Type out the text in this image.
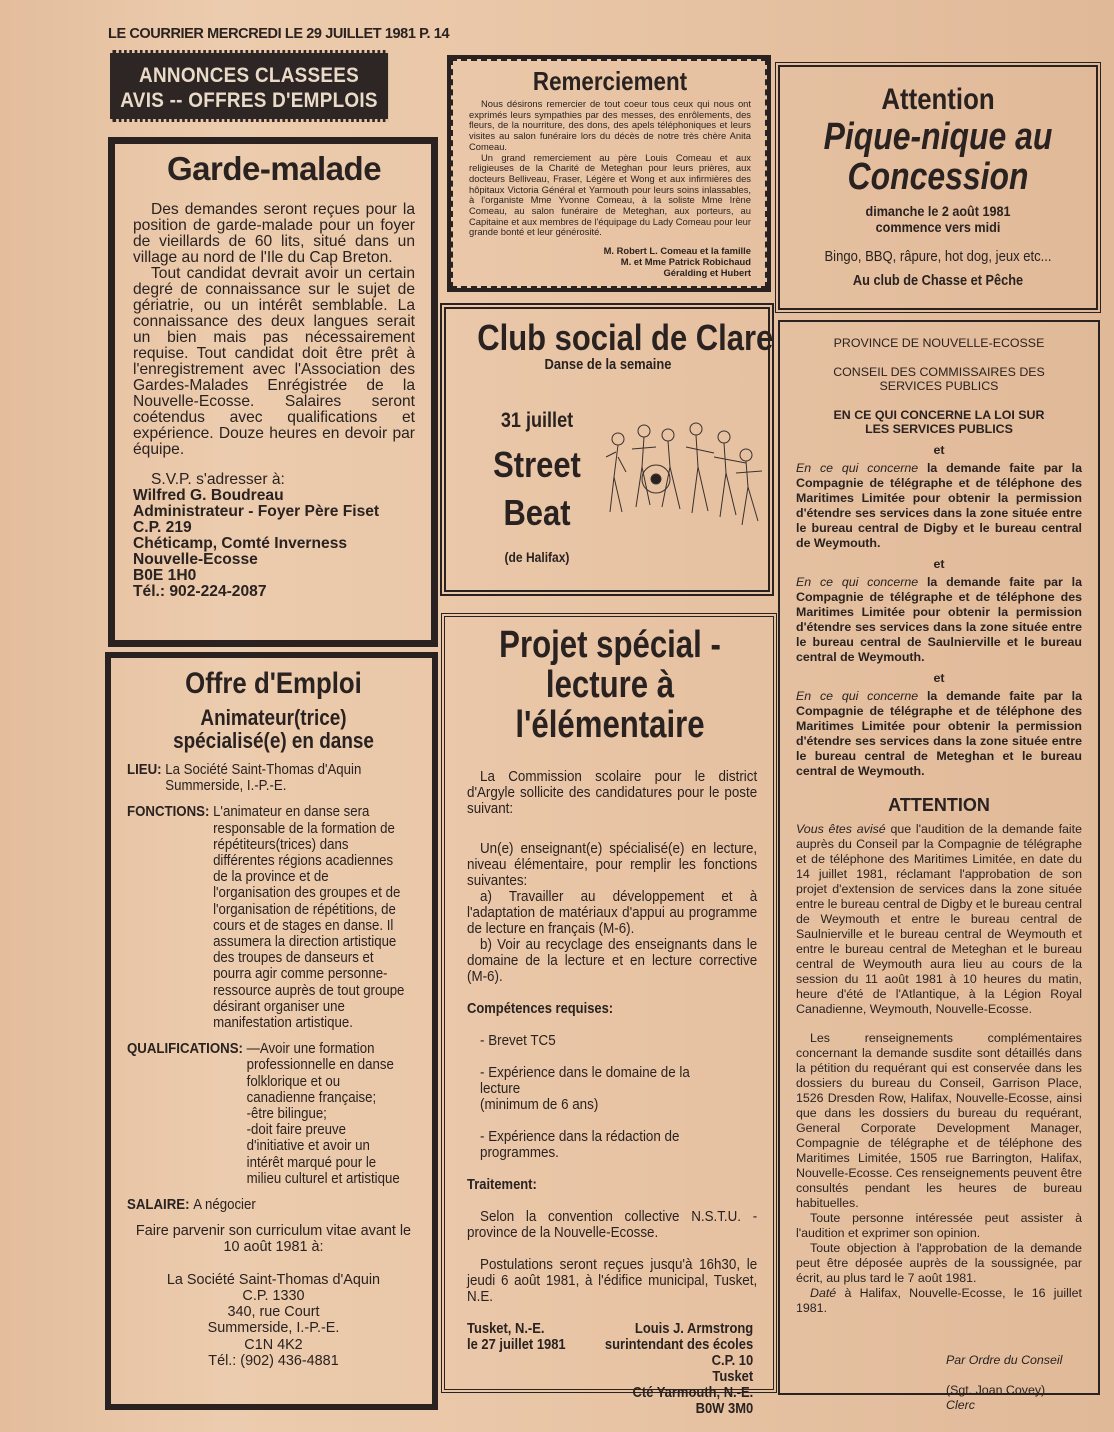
LE COURRIER MERCREDI LE 29 JUILLET 1981 P. 14
ANNONCES CLASSEES
AVIS -- OFFRES D'EMPLOIS
Garde-malade

Des demandes seront reçues pour la position de garde-malade pour un foyer de vieillards de 60 lits, situé dans un village au nord de l'Ile du Cap Breton.

Tout candidat devrait avoir un certain degré de connaissance sur le sujet de gériatrie, ou un intérêt semblable. La connaissance des deux langues serait un bien mais pas nécessairement requise. Tout candidat doit être prêt à l'enregistrement avec l'Association des Gardes-Malades Enrégistrée de la Nouvelle-Ecosse. Salaires seront coétendus avec qualifications et expérience. Douze heures en devoir par équipe.

S.V.P. s'adresser à:
Wilfred G. Boudreau
Administrateur - Foyer Père Fiset
C.P. 219
Chéticamp, Comté Inverness
Nouvelle-Ecosse
B0E 1H0
Tél.: 902-224-2087
Offre d'Emploi
Animateur(trice) spécialisé(e) en danse
LIEU: La Société Saint-Thomas d'Aquin
Summerside, I.-P.-E.
FONCTIONS: L'animateur en danse sera
responsable de la formation de
répétiteurs(trices) dans
différentes régions acadiennes
de la province et de
l'organisation des groupes et de
l'organisation de répétitions, de
cours et de stages en danse. Il
assumera la direction artistique
des troupes de danseurs et
pourra agir comme personne-
ressource auprès de tout groupe
désirant organiser une
manifestation artistique.
QUALIFICATIONS: —Avoir une formation
professionnelle en danse
folklorique et ou
canadienne française;
-être bilingue;
-doit faire preuve
d'initiative et avoir un
intérêt marqué pour le
milieu culturel et artistique
SALAIRE: A négocier
Faire parvenir son curriculum vitae avant le
10 août 1981 à:
La Société Saint-Thomas d'Aquin
C.P. 1330
340, rue Court
Summerside, I.-P.-E.
C1N 4K2
Tél.: (902) 436-4881
Remerciement

Nous désirons remercier de tout coeur tous ceux qui nous ont exprimés leurs sympathies par des messes, des enrôlements, des fleurs, de la nourriture, des dons, des apels téléphoniques et leurs visites au salon funéraire lors du décès de notre très chère Anita Comeau.

Un grand remerciement au père Louis Comeau et aux religieuses de la Charité de Meteghan pour leurs prières, aux docteurs Belliveau, Fraser, Légère et Wong et aux infirmières des hôpitaux Victoria Général et Yarmouth pour leurs soins inlassables, à l'organiste Mme Yvonne Comeau, à la soliste Mme Irène Comeau, au salon funéraire de Meteghan, aux porteurs, au Capitaine et aux membres de l'équipage du Lady Comeau pour leur grande bonté et leur générosité.

M. Robert L. Comeau et la famille
M. et Mme Patrick Robichaud
Géralding et Hubert
Club social de Clare
Danse de la semaine
31 juillet
Street
Beat
(de Halifax)
Projet spécial -
lecture à
l'élémentaire
La Commission scolaire pour le district d'Argyle sollicite des candidatures pour le poste suivant:
Un(e) enseignant(e) spécialisé(e) en lecture, niveau élémentaire, pour remplir les fonctions suivantes:
a) Travailler au développement et à l'adaptation de matériaux d'appui au programme de lecture en français (M-6).
b) Voir au recyclage des enseignants dans le domaine de la lecture et en lecture corrective (M-6).
Compétences requises:
- Brevet TC5
- Expérience dans le domaine de la lecture
(minimum de 6 ans)
- Expérience dans la rédaction de programmes.
Traitement:
Selon la convention collective N.S.T.U. - province de la Nouvelle-Ecosse.
Postulations seront reçues jusqu'à 16h30, le jeudi 6 août 1981, à l'édifice municipal, Tusket, N.E.
Tusket, N.-E.
le 27 juillet 1981
Louis J. Armstrong
surintendant des écoles
C.P. 10
Tusket
Cté Yarmouth, N.-E.
B0W 3M0
Attention
Pique-nique au
Concession
dimanche le 2 août 1981
commence vers midi
Bingo, BBQ, râpure, hot dog, jeux etc...
Au club de Chasse et Pêche
PROVINCE DE NOUVELLE-ECOSSE
CONSEIL DES COMMISSAIRES DES
SERVICES PUBLICS
EN CE QUI CONCERNE LA LOI SUR
LES SERVICES PUBLICS
et
En ce qui concerne la demande faite par la Compagnie de télégraphe et de téléphone des Maritimes Limitée pour obtenir la permission d'étendre ses services dans la zone située entre le bureau central de Digby et le bureau central de Weymouth.
et
En ce qui concerne la demande faite par la Compagnie de télégraphe et de téléphone des Maritimes Limitée pour obtenir la permission d'étendre ses services dans la zone située entre le bureau central de Saulnierville et le bureau central de Weymouth.
et
En ce qui concerne la demande faite par la Compagnie de télégraphe et de téléphone des Maritimes Limitée pour obtenir la permission d'étendre ses services dans la zone située entre le bureau central de Meteghan et le bureau central de Weymouth.
ATTENTION
Vous êtes avisé que l'audition de la demande faite auprès du Conseil par la Compagnie de télégraphe et de téléphone des Maritimes Limitée, en date du 14 juillet 1981, réclamant l'approbation de son projet d'extension de services dans la zone située entre le bureau central de Digby et le bureau central de Weymouth et entre le bureau central de Saulnierville et le bureau central de Weymouth et entre le bureau central de Meteghan et le bureau central de Weymouth aura lieu au cours de la session du 11 août 1981 à 10 heures du matin, heure d'été de l'Atlantique, à la Légion Royal Canadienne, Weymouth, Nouvelle-Ecosse.
Les renseignements complémentaires concernant la demande susdite sont détaillés dans la pétition du requérant qui est conservée dans les dossiers du bureau du Conseil, Garrison Place, 1526 Dresden Row, Halifax, Nouvelle-Ecosse, ainsi que dans les dossiers du bureau du requérant, General Corporate Development Manager, Compagnie de télégraphe et de téléphone des Maritimes Limitée, 1505 rue Barrington, Halifax, Nouvelle-Ecosse. Ces renseignements peuvent être consultés pendant les heures de bureau habituelles.
Toute personne intéressée peut assister à l'audition et exprimer son opinion.
Toute objection à l'approbation de la demande peut être déposée auprès de la soussignée, par écrit, au plus tard le 7 août 1981.
Daté à Halifax, Nouvelle-Ecosse, le 16 juillet 1981.

Par Ordre du Conseil

(Sgt. Joan Covey)

Clerc
